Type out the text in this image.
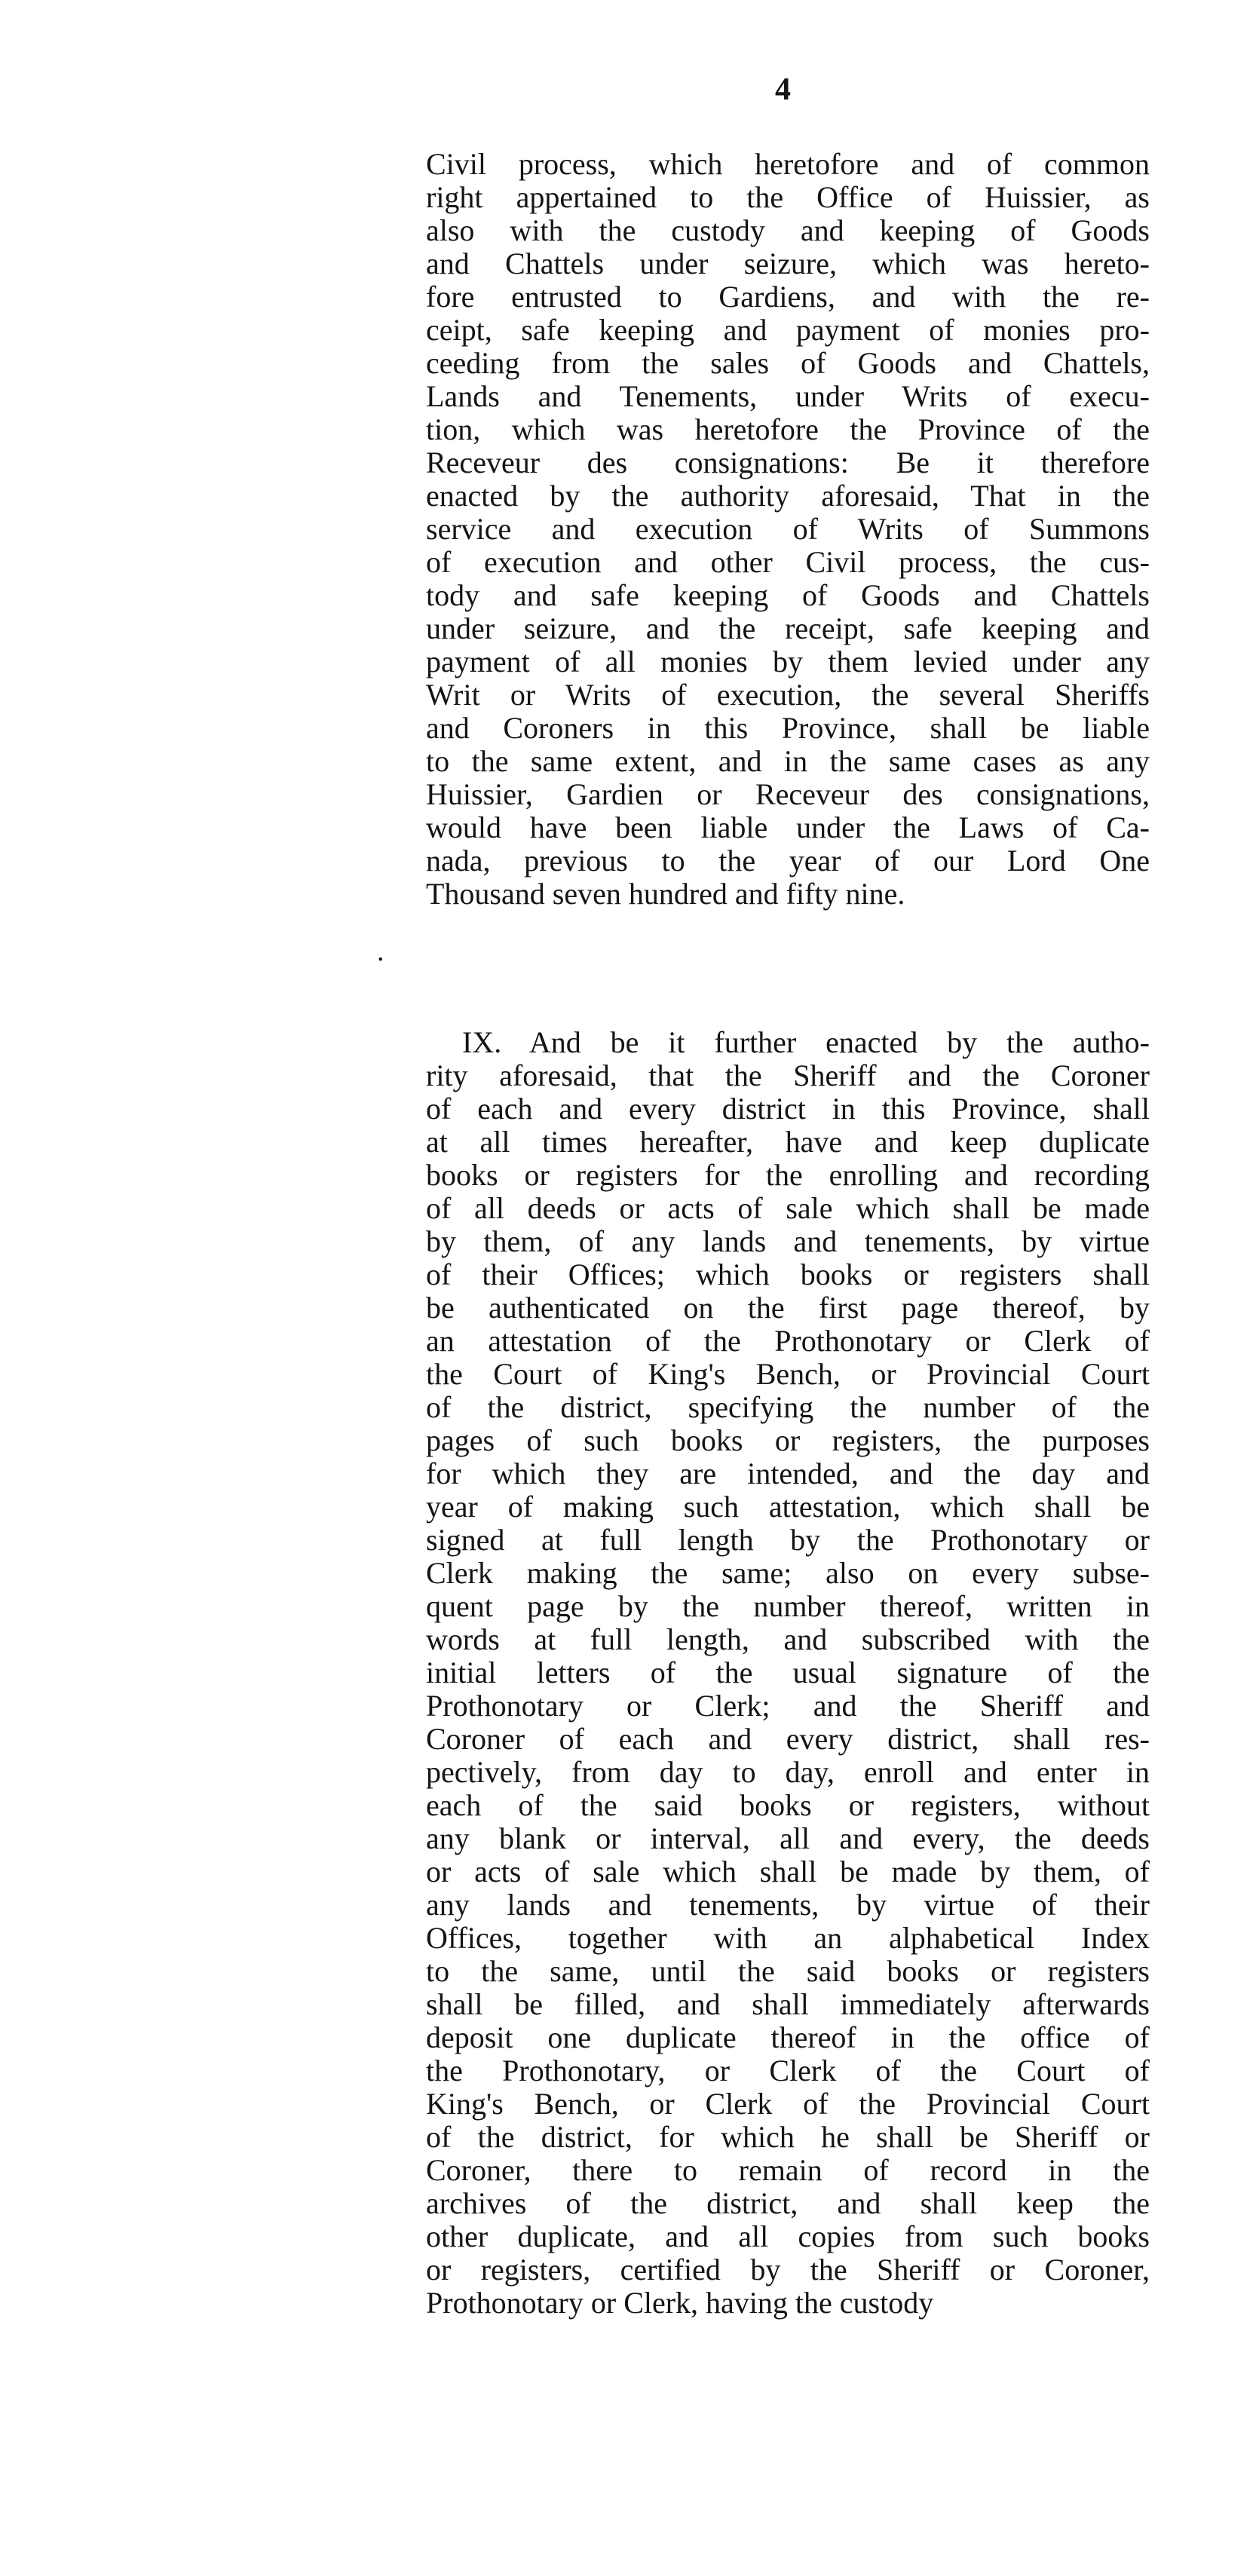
4
.
Civil process, which heretofore and of common
right appertained to the Office of Huissier, as
also with the custody and keeping of Goods
and Chattels under seizure, which was hereto-
fore entrusted to Gardiens, and with the re-
ceipt, safe keeping and payment of monies pro-
ceeding from the sales of Goods and Chattels,
Lands and Tenements, under Writs of execu-
tion, which was heretofore the Province of the
Receveur des consignations: Be it therefore
enacted by the authority aforesaid, That in the
service and execution of Writs of Summons
of execution and other Civil process, the cus-
tody and safe keeping of Goods and Chattels
under seizure, and the receipt, safe keeping and
payment of all monies by them levied under any
Writ or Writs of execution, the several Sheriffs
and Coroners in this Province, shall be liable
to the same extent, and in the same cases as any
Huissier, Gardien or Receveur des consignations,
would have been liable under the Laws of Ca-
nada, previous to the year of our Lord One
Thousand seven hundred and fifty nine.
IX. And be it further enacted by the autho-
rity aforesaid, that the Sheriff and the Coroner
of each and every district in this Province, shall
at all times hereafter, have and keep duplicate
books or registers for the enrolling and recording
of all deeds or acts of sale which shall be made
by them, of any lands and tenements, by virtue
of their Offices; which books or registers shall
be authenticated on the first page thereof, by
an attestation of the Prothonotary or Clerk of
the Court of King's Bench, or Provincial Court
of the district, specifying the number of the
pages of such books or registers, the purposes
for which they are intended, and the day and
year of making such attestation, which shall be
signed at full length by the Prothonotary or
Clerk making the same; also on every subse-
quent page by the number thereof, written in
words at full length, and subscribed with the
initial letters of the usual signature of the
Prothonotary or Clerk; and the Sheriff and
Coroner of each and every district, shall res-
pectively, from day to day, enroll and enter in
each of the said books or registers, without
any blank or interval, all and every, the deeds
or acts of sale which shall be made by them, of
any lands and tenements, by virtue of their
Offices, together with an alphabetical Index
to the same, until the said books or registers
shall be filled, and shall immediately afterwards
deposit one duplicate thereof in the office of
the Prothonotary, or Clerk of the Court of
King's Bench, or Clerk of the Provincial Court
of the district, for which he shall be Sheriff or
Coroner, there to remain of record in the
archives of the district, and shall keep the
other duplicate, and all copies from such books
or registers, certified by the Sheriff or Coroner,
Prothonotary or Clerk, having the custody
